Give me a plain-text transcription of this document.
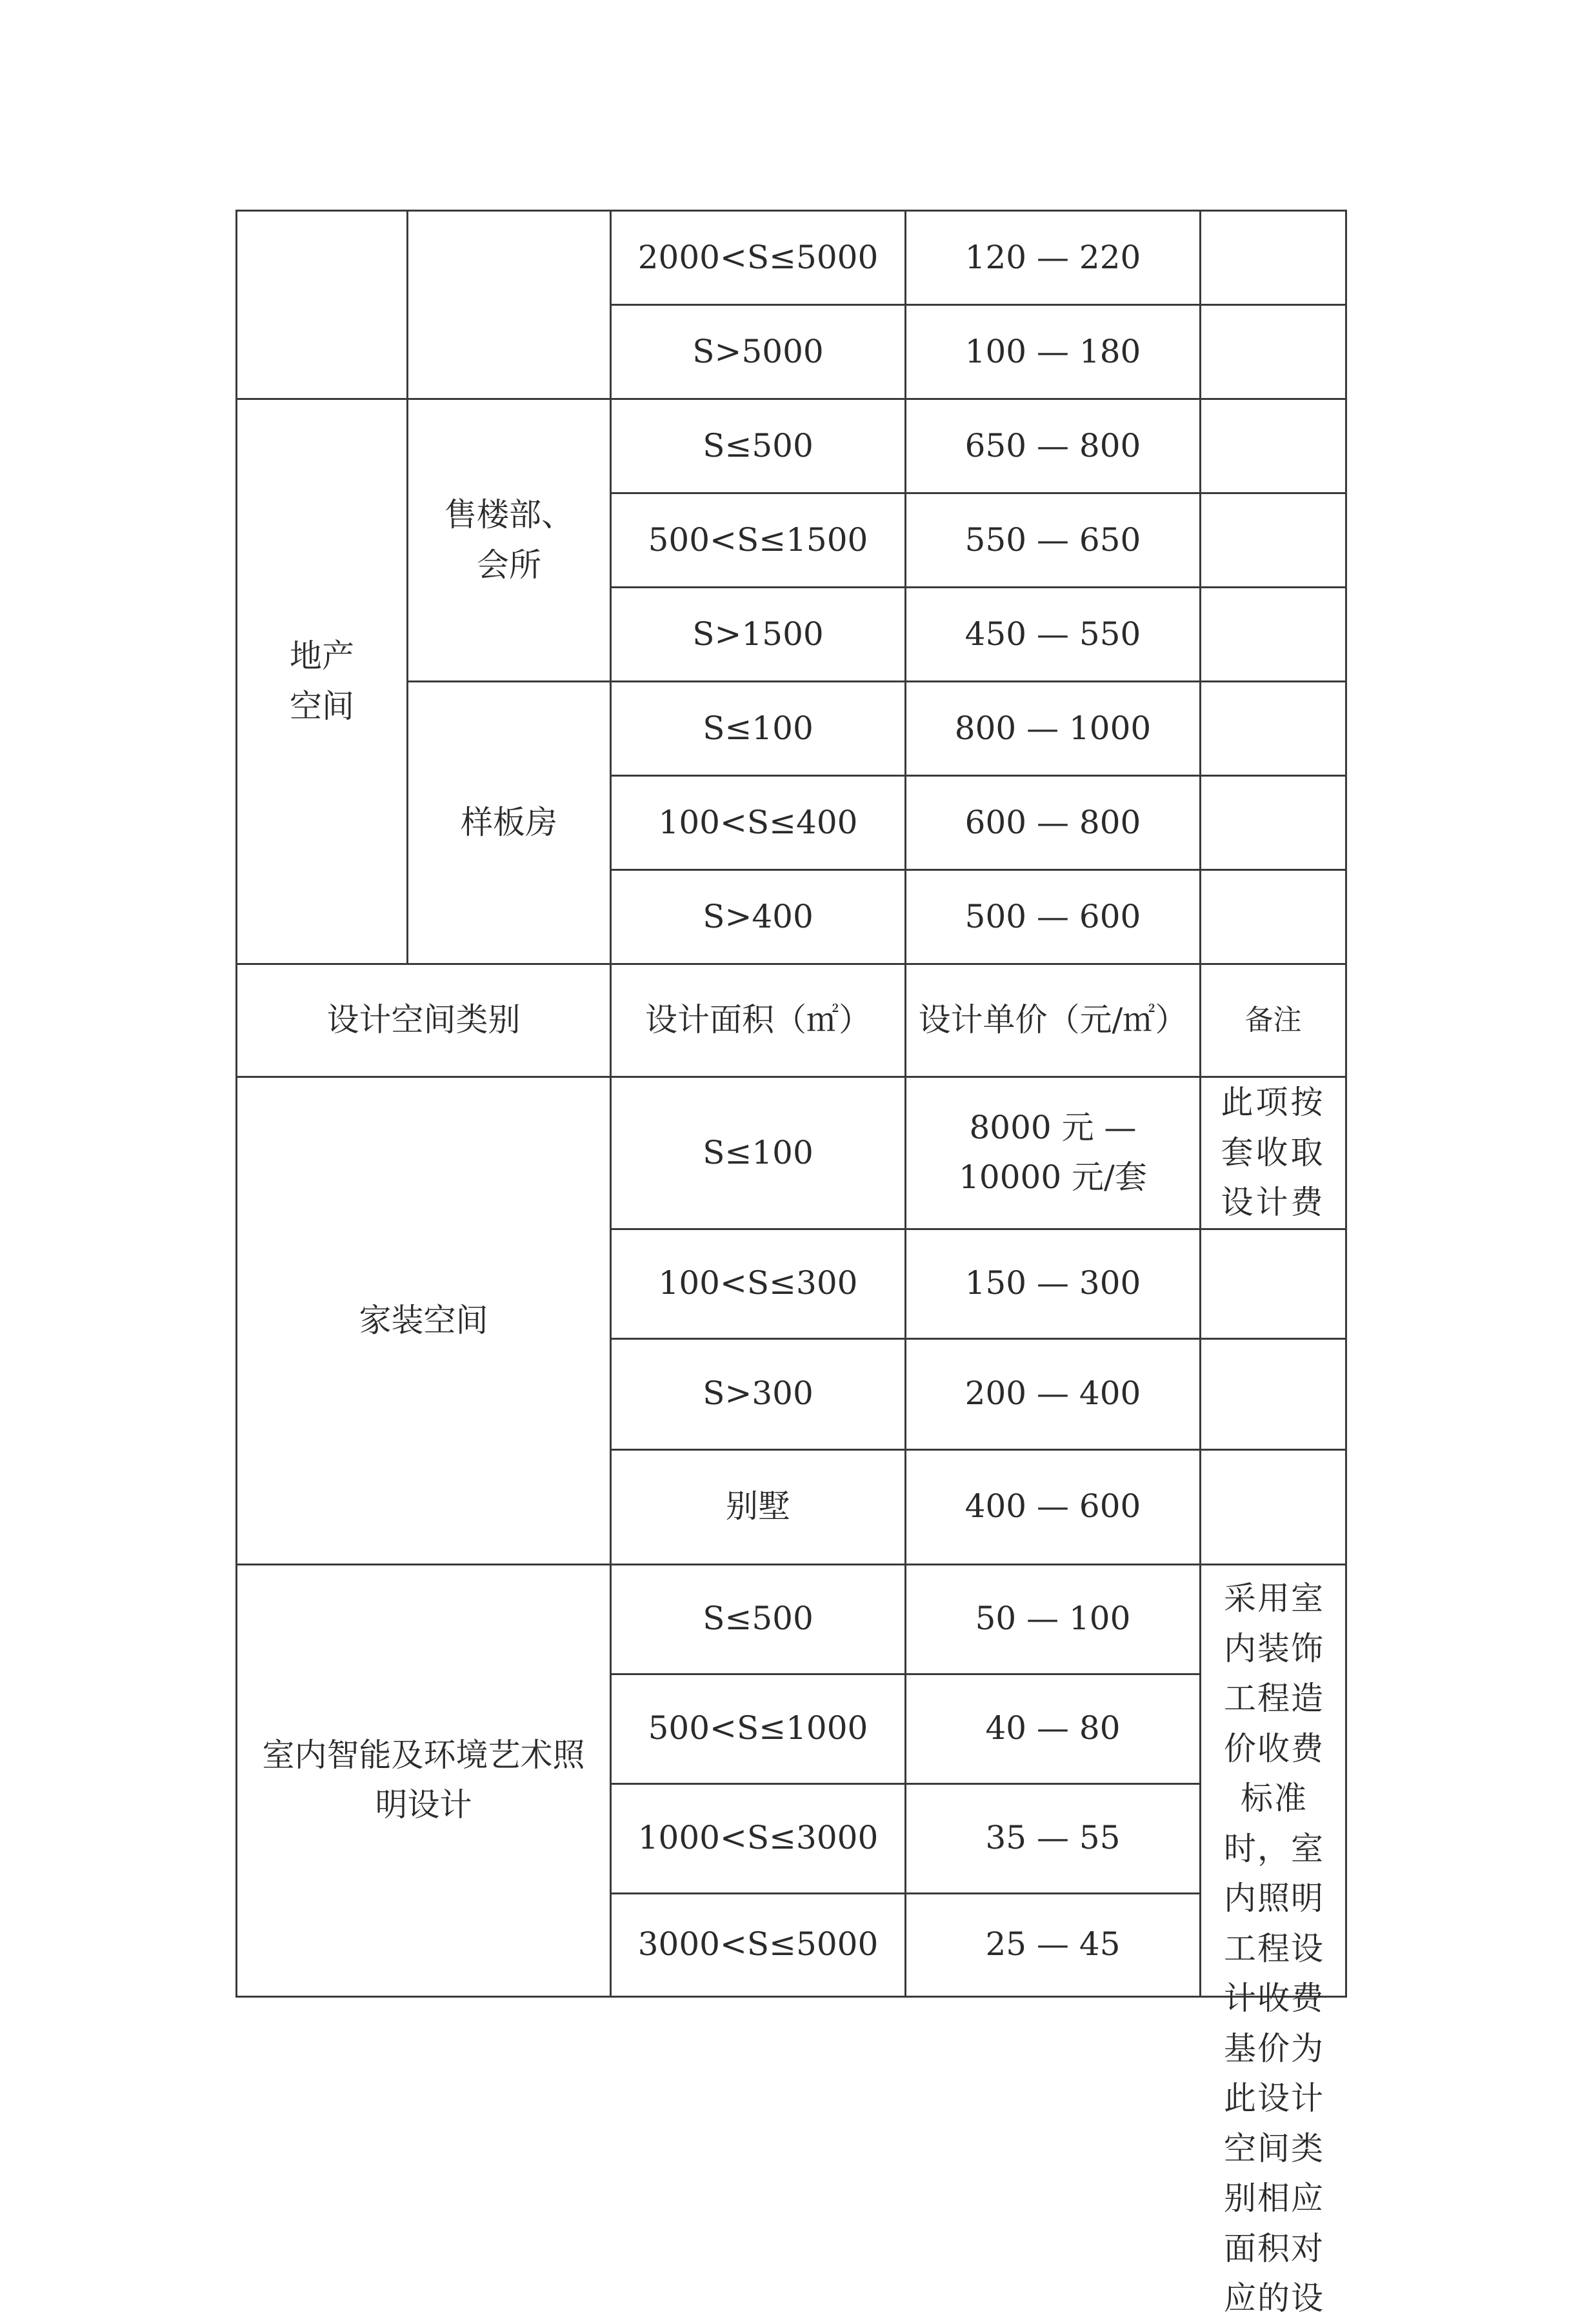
		2000<S≤5000	120 — 220	
		S>5000	100 — 180	

地产空间	售楼部、会所	S≤500	650 — 800	
		500<S≤1500	550 — 650	
		S>1500	450 — 550	
	样板房	S≤100	800 — 1000	
		100<S≤400	600 — 800	
		S>400	500 — 600	
设计空间类别		设计面积（㎡）	设计单价（元/㎡）	备注
家装空间		S≤100	8000 元 — 10000 元/套	此项按套收取设计费

		100<S≤300	150 — 300	
		S>300	200 — 400	
		别墅	400 — 600	

室内智能及环境艺术照明设计		S≤500	50 — 100	采用室内装饰工程造价收费标准时，室内照明工程设计收费基价为此设计空间类别相应面积对应的设

		500<S≤1000	40 — 80	
		1000<S≤3000	35 — 55	
		3000<S≤5000	25 — 45	
